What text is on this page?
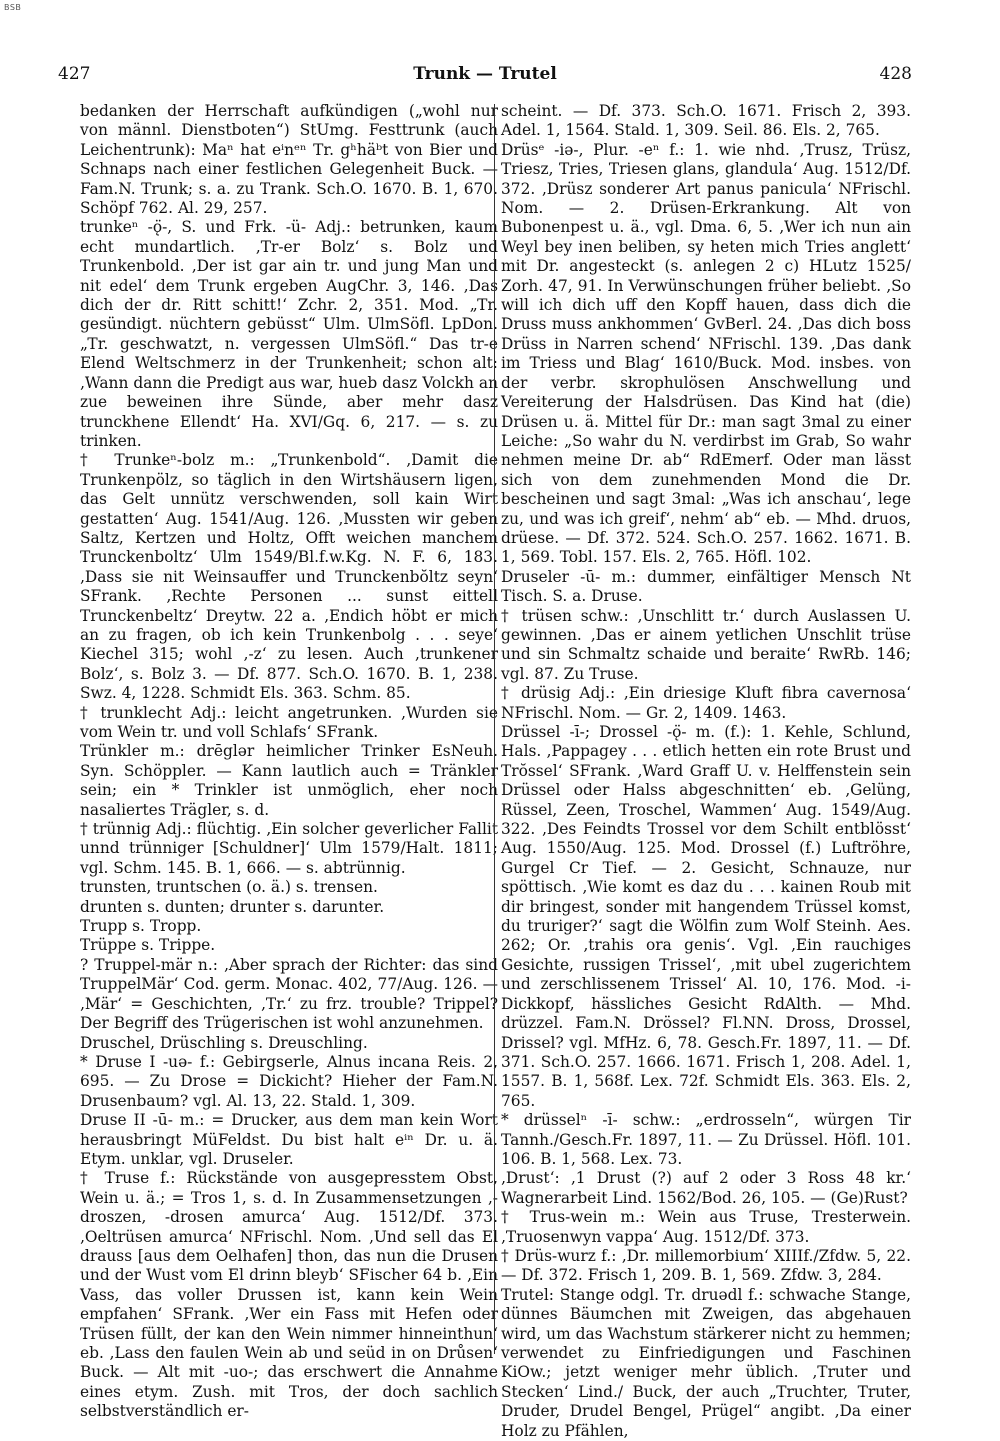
BSB
427	Trunk — Trutel	428

bedanken der Herrschaft aufkündigen („wohl nur von männl. Dienstboten“) StUmg. Festtrunk (auch Leichentrunk): Maⁿ hat eⁱnᵉⁿ Tr. gʰhäᵇt von Bier und Schnaps nach einer festlichen Gelegenheit Buck. — Fam.N. Trunk; s. a. zu Trank. Sch.O. 1670. B. 1, 670. Schöpf 762. Al. 29, 257.

trunkeⁿ -ǫ̈-, S. und Frk. -ü- Adj.: betrunken, kaum echt mundartlich. ‚Tr-er Bolz‘ s. Bolz und Trunkenbold. ‚Der ist gar ain tr. und jung Man und nit edel‘ dem Trunk ergeben AugChr. 3, 146. ‚Das dich der dr. Ritt schitt!‘ Zchr. 2, 351. Mod. „Tr. gesündigt. nüchtern gebüsst“ Ulm. UlmSöfl. LpDon. „Tr. geschwatzt, n. vergessen UlmSöfl.“ Das tr-e Elend Weltschmerz in der Trunkenheit; schon alt: ‚Wann dann die Predigt aus war, hueb dasz Volckh an zue beweinen ihre Sünde, aber mehr dasz trunckhene Ellendt‘ Ha. XVI/Gq. 6, 217. — s. zu trinken.

† Trunkeⁿ-bolz m.: „Trunkenbold“. ‚Damit die Trunkenpölz, so täglich in den Wirtshäusern ligen, das Gelt unnütz verschwenden, soll kain Wirt gestatten‘ Aug. 1541/Aug. 126. ‚Mussten wir geben Saltz, Kertzen und Holtz, Offt weichen manchem Trunckenboltz‘ Ulm 1549/Bl.f.w.Kg. N. F. 6, 183. ‚Dass sie nit Weinsauffer und Trunckenbŏltz seyn‘ SFrank. ‚Rechte Personen ... sunst eittell Trunckenbeltz‘ Dreytw. 22 a. ‚Endich höbt er mich an zu fragen, ob ich kein Trunkenbolg . . . seye‘ Kiechel 315; wohl ‚-z‘ zu lesen. Auch ‚trunkener Bolz‘, s. Bolz 3. — Df. 877. Sch.O. 1670. B. 1, 238. Swz. 4, 1228. Schmidt Els. 363. Schm. 85.

† trunklecht Adj.: leicht angetrunken. ‚Wurden sie vom Wein tr. und voll Schlafs‘ SFrank.

Trünkler m.: drēglər heimlicher Trinker EsNeuh. Syn. Schöppler. — Kann lautlich auch = Tränkler sein; ein * Trinkler ist unmöglich, eher noch nasaliertes Trägler, s. d.

† trünnig Adj.: flüchtig. ‚Ein solcher geverlicher Fallit unnd trünniger [Schuldner]‘ Ulm 1579/Halt. 1811; vgl. Schm. 145. B. 1, 666. — s. abtrünnig.

trunsten, truntschen (o. ä.) s. trensen.

drunten s. dunten; drunter s. darunter.

Trupp s. Tropp.

Trüppe s. Trippe.

? Truppel-mär n.: ‚Aber sprach der Richter: das sind TruppelMär‘ Cod. germ. Monac. 402, 77/Aug. 126. — ‚Mär‘ = Geschichten, ‚Tr.‘ zu frz. trouble? Trippel? Der Begriff des Trügerischen ist wohl anzunehmen.

Druschel, Drüschling s. Dreuschling.

* Druse I -uə- f.: Gebirgserle, Alnus incana Reis. 2, 695. — Zu Drose = Dickicht? Hieher der Fam.N. Drusenbaum? vgl. Al. 13, 22. Stald. 1, 309.

Druse II -ū- m.: = Drucker, aus dem man kein Wort herausbringt MüFeldst. Du bist halt eⁱⁿ Dr. u. ä. Etym. unklar, vgl. Druseler.

† Truse f.: Rückstände von ausgepresstem Obst, Wein u. ä.; = Tros 1, s. d. In Zusammensetzungen ‚-droszen, -drosen amurca‘ Aug. 1512/Df. 373. ‚Oeltrüsen amurca‘ NFrischl. Nom. ‚Und sell das El drauss [aus dem Oelhafen] thon, das nun die Drusen und der Wust vom El drinn bleyb‘ SFischer 64 b. ‚Ein Vass, das voller Drussen ist, kann kein Wein empfahen‘ SFrank. ‚Wer ein Fass mit Hefen oder Trüsen füllt, der kan den Wein nimmer hinneinthun‘ eb. ‚Lass den faulen Wein ab und seüd in on Drůsen‘ Buck. — Alt mit -uo-; das erschwert die Annahme eines etym. Zush. mit Tros, der doch sachlich selbstverständlich er-

scheint. — Df. 373. Sch.O. 1671. Frisch 2, 393. Adel. 1, 1564. Stald. 1, 309. Seil. 86. Els. 2, 765.

Drüsᵉ -iə-, Plur. -eⁿ f.: 1. wie nhd. ‚Trusz, Trüsz, Triesz, Tries, Triesen glans, glandula‘ Aug. 1512/Df. 372. ‚Drüsz sonderer Art panus panicula‘ NFrischl. Nom. — 2. Drüsen-Erkrankung. Alt von Bubonenpest u. ä., vgl. Dma. 6, 5. ‚Wer ich nun ain Weyl bey inen beliben, sy heten mich Tries anglett‘ mit Dr. angesteckt (s. anlegen 2 c) HLutz 1525/ Zorh. 47, 91. In Verwünschungen früher beliebt. ‚So will ich dich uff den Kopff hauen, dass dich die Druss muss ankhommen‘ GvBerl. 24. ‚Das dich boss Drüss in Narren schend‘ NFrischl. 139. ‚Das dank im Triess und Blag‘ 1610/Buck. Mod. insbes. von der verbr. skrophulösen Anschwellung und Vereiterung der Halsdrüsen. Das Kind hat (die) Drüsen u. ä. Mittel für Dr.: man sagt 3mal zu einer Leiche: „So wahr du N. verdirbst im Grab, So wahr nehmen meine Dr. ab“ RdEmerf. Oder man lässt sich von dem zunehmenden Mond die Dr. bescheinen und sagt 3mal: „Was ich anschau‘, lege zu, und was ich greif‘, nehm‘ ab“ eb. — Mhd. druos, drüese. — Df. 372. 524. Sch.O. 257. 1662. 1671. B. 1, 569. Tobl. 157. Els. 2, 765. Höfl. 102.

Druseler -ū- m.: dummer, einfältiger Mensch Nt Tisch. S. a. Druse.

† trüsen schw.: ‚Unschlitt tr.‘ durch Auslassen U. gewinnen. ‚Das er ainem yetlichen Unschlit trüse und sin Schmaltz schaide und beraite‘ RwRb. 146; vgl. 87. Zu Truse.

† drüsig Adj.: ‚Ein driesige Kluft fibra cavernosa‘ NFrischl. Nom. — Gr. 2, 1409. 1463.

Drüssel -ī-; Drossel -ǫ̈- m. (f.): 1. Kehle, Schlund, Hals. ‚Pappagey . . . etlich hetten ein rote Brust und Trŏssel‘ SFrank. ‚Ward Graff U. v. Helffenstein sein Drüssel oder Halss abgeschnitten‘ eb. ‚Gelüng, Rüssel, Zeen, Troschel, Wammen‘ Aug. 1549/Aug. 322. ‚Des Feindts Trossel vor dem Schilt entblösst‘ Aug. 1550/Aug. 125. Mod. Drossel (f.) Luftröhre, Gurgel Cr Tief. — 2. Gesicht, Schnauze, nur spöttisch. ‚Wie komt es daz du . . . kainen Roub mit dir bringest, sonder mit hangendem Trüssel komst, du truriger?‘ sagt die Wölfin zum Wolf Steinh. Aes. 262; Or. ‚trahis ora genis‘. Vgl. ‚Ein rauchiges Gesichte, russigen Trissel‘, ‚mit ubel zugerichtem und zerschlissenem Trissel‘ Al. 10, 176. Mod. -i- Dickkopf, hässliches Gesicht RdAlth. — Mhd. drüzzel. Fam.N. Drössel? Fl.NN. Dross, Drossel, Drissel? vgl. MfHz. 6, 78. Gesch.Fr. 1897, 11. — Df. 371. Sch.O. 257. 1666. 1671. Frisch 1, 208. Adel. 1, 1557. B. 1, 568f. Lex. 72f. Schmidt Els. 363. Els. 2, 765.

* drüsselⁿ -ī- schw.: „erdrosseln“, würgen Tir Tannh./Gesch.Fr. 1897, 11. — Zu Drüssel. Höfl. 101. 106. B. 1, 568. Lex. 73.

‚Drust‘: ‚1 Drust (?) auf 2 oder 3 Ross 48 kr.‘ Wagnerarbeit Lind. 1562/Bod. 26, 105. — (Ge)Rust?

† Trus-wein m.: Wein aus Truse, Tresterwein. ‚Truosenwyn vappa‘ Aug. 1512/Df. 373.

† Drüs-wurz f.: ‚Dr. millemorbium‘ XIIIf./Zfdw. 5, 22. — Df. 372. Frisch 1, 209. B. 1, 569. Zfdw. 3, 284.

Trutel: Stange odgl. Tr. druədl f.: schwache Stange, dünnes Bäumchen mit Zweigen, das abgehauen wird, um das Wachstum stärkerer nicht zu hemmen; verwendet zu Einfriedigungen und Faschinen KiOw.; jetzt weniger mehr üblich. ‚Truter und Stecken‘ Lind./ Buck, der auch „Truchter, Truter, Druder, Drudel Bengel, Prügel“ angibt. ‚Da einer Holz zu Pfählen,
